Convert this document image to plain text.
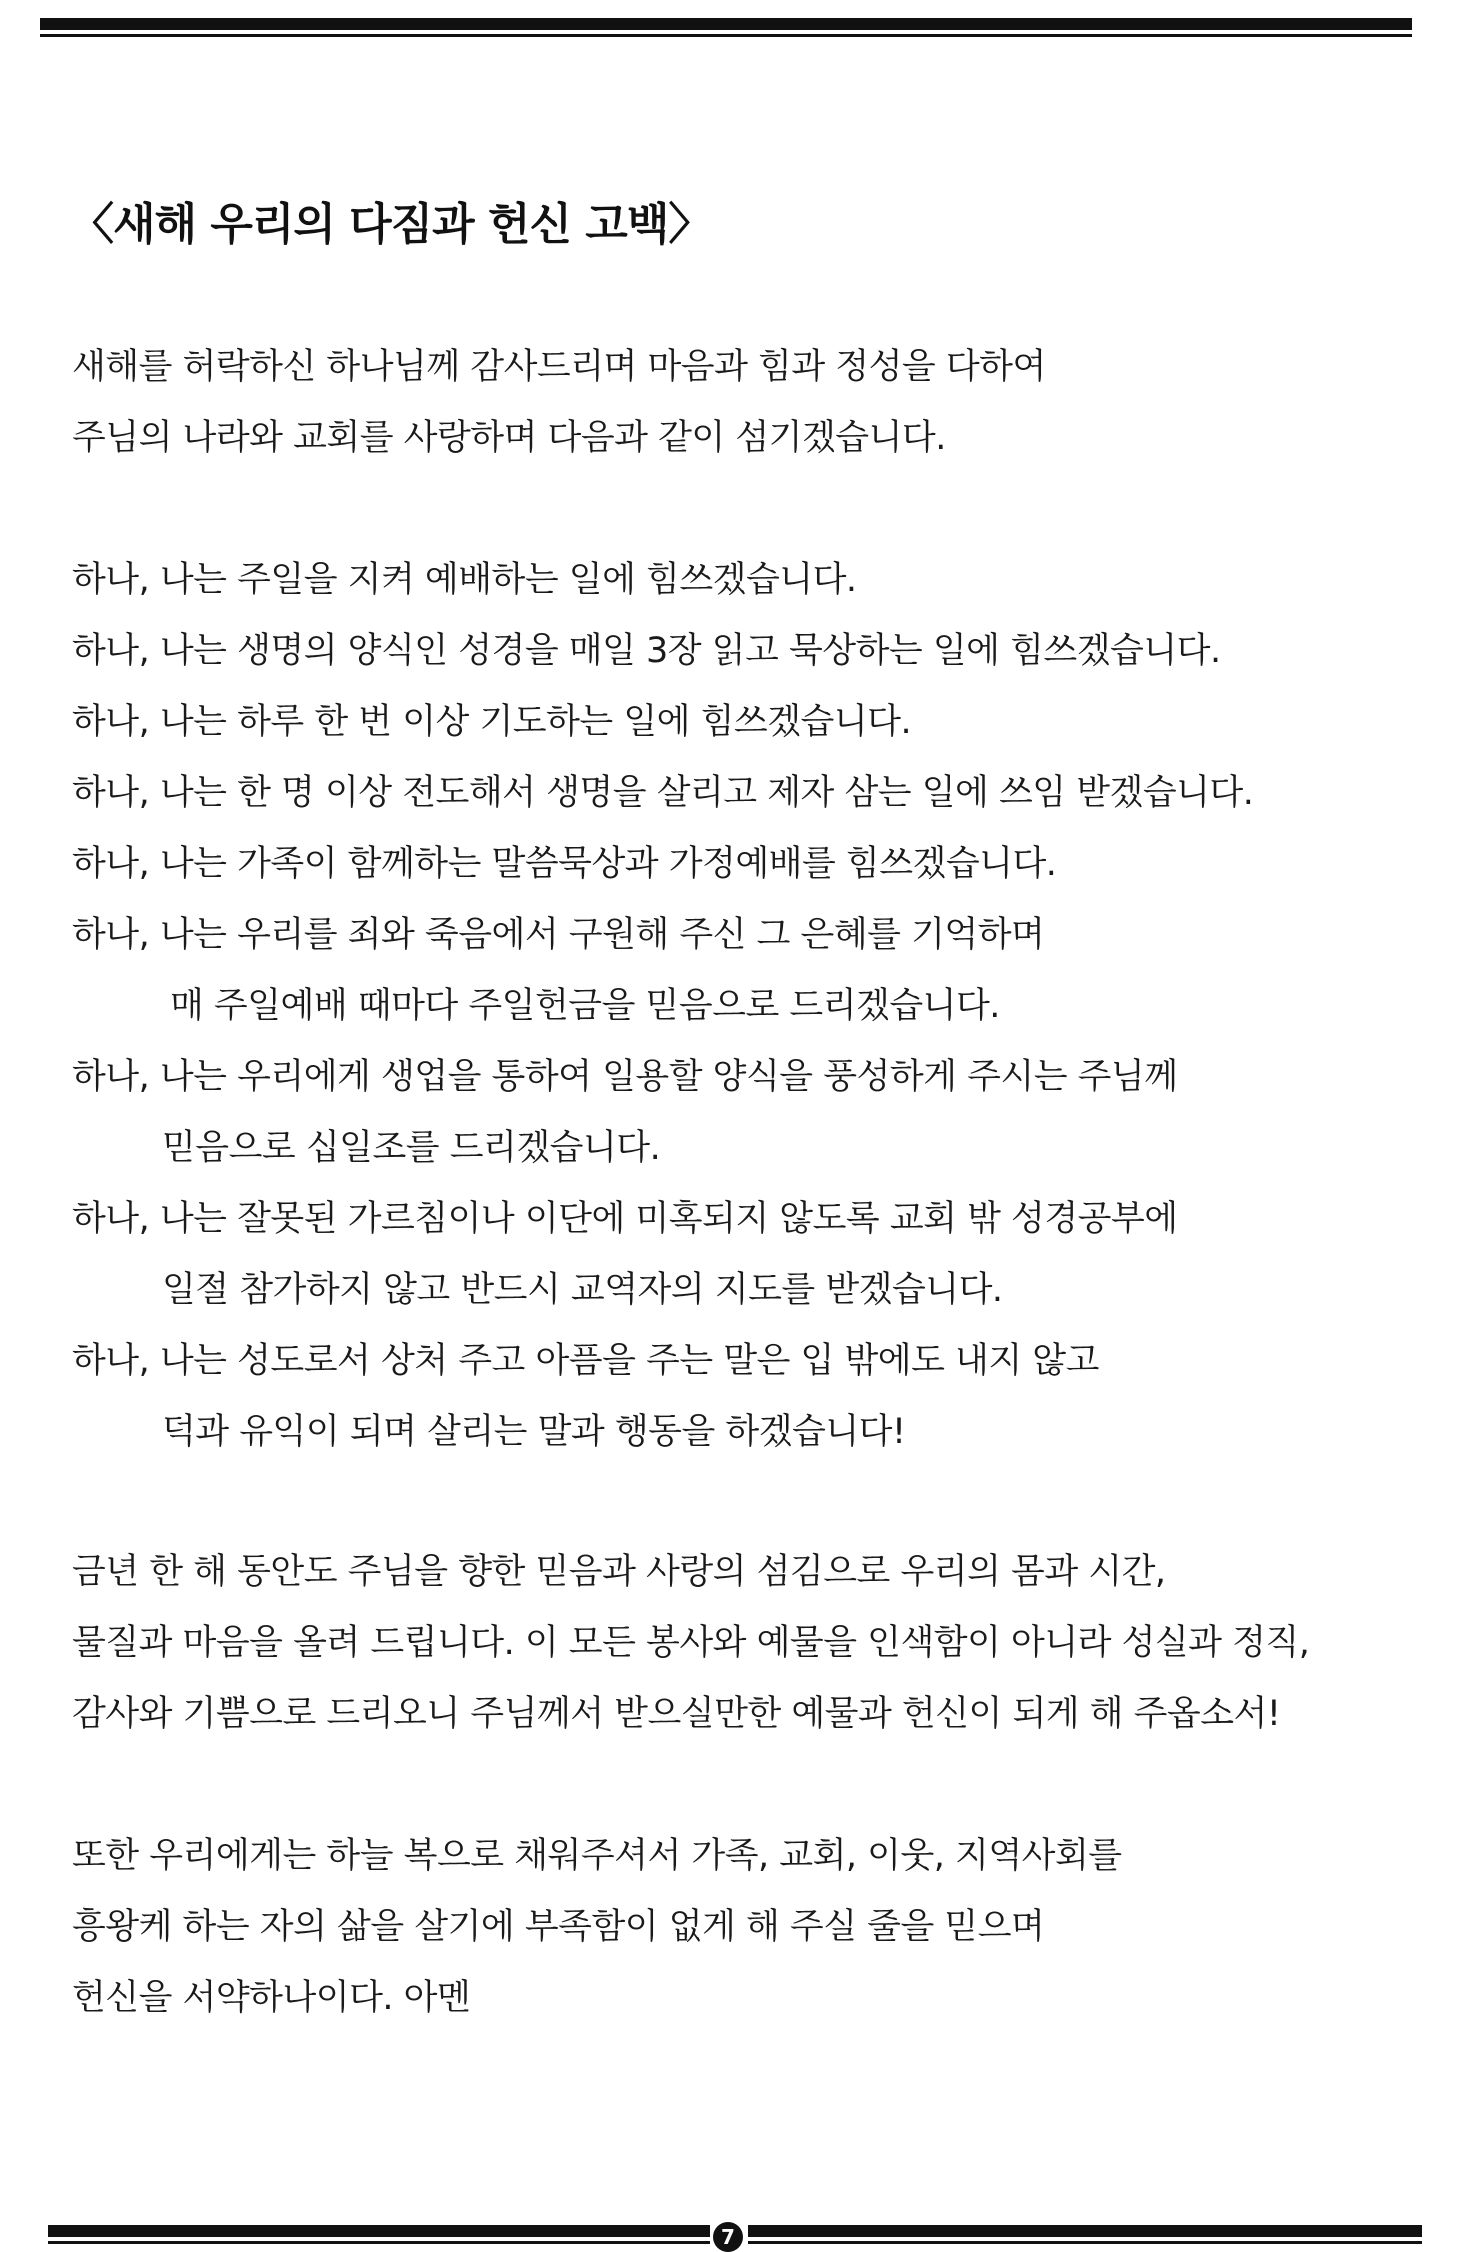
〈새해 우리의 다짐과 헌신 고백〉
새해를 허락하신 하나님께 감사드리며 마음과 힘과 정성을 다하여
주님의 나라와 교회를 사랑하며 다음과 같이 섬기겠습니다.
하나, 나는 주일을 지켜 예배하는 일에 힘쓰겠습니다.
하나, 나는 생명의 양식인 성경을 매일 3장 읽고 묵상하는 일에 힘쓰겠습니다.
하나, 나는 하루 한 번 이상 기도하는 일에 힘쓰겠습니다.
하나, 나는 한 명 이상 전도해서 생명을 살리고 제자 삼는 일에 쓰임 받겠습니다.
하나, 나는 가족이 함께하는 말씀묵상과 가정예배를 힘쓰겠습니다.
하나, 나는 우리를 죄와 죽음에서 구원해 주신 그 은혜를 기억하며
매 주일예배 때마다 주일헌금을 믿음으로 드리겠습니다.
하나, 나는 우리에게 생업을 통하여 일용할 양식을 풍성하게 주시는 주님께
믿음으로 십일조를 드리겠습니다.
하나, 나는 잘못된 가르침이나 이단에 미혹되지 않도록 교회 밖 성경공부에
일절 참가하지 않고 반드시 교역자의 지도를 받겠습니다.
하나, 나는 성도로서 상처 주고 아픔을 주는 말은 입 밖에도 내지 않고
덕과 유익이 되며 살리는 말과 행동을 하겠습니다!
금년 한 해 동안도 주님을 향한 믿음과 사랑의 섬김으로 우리의 몸과 시간,
물질과 마음을 올려 드립니다. 이 모든 봉사와 예물을 인색함이 아니라 성실과 정직,
감사와 기쁨으로 드리오니 주님께서 받으실만한 예물과 헌신이 되게 해 주옵소서!
또한 우리에게는 하늘 복으로 채워주셔서 가족, 교회, 이웃, 지역사회를
흥왕케 하는 자의 삶을 살기에 부족함이 없게 해 주실 줄을 믿으며
헌신을 서약하나이다. 아멘
7
